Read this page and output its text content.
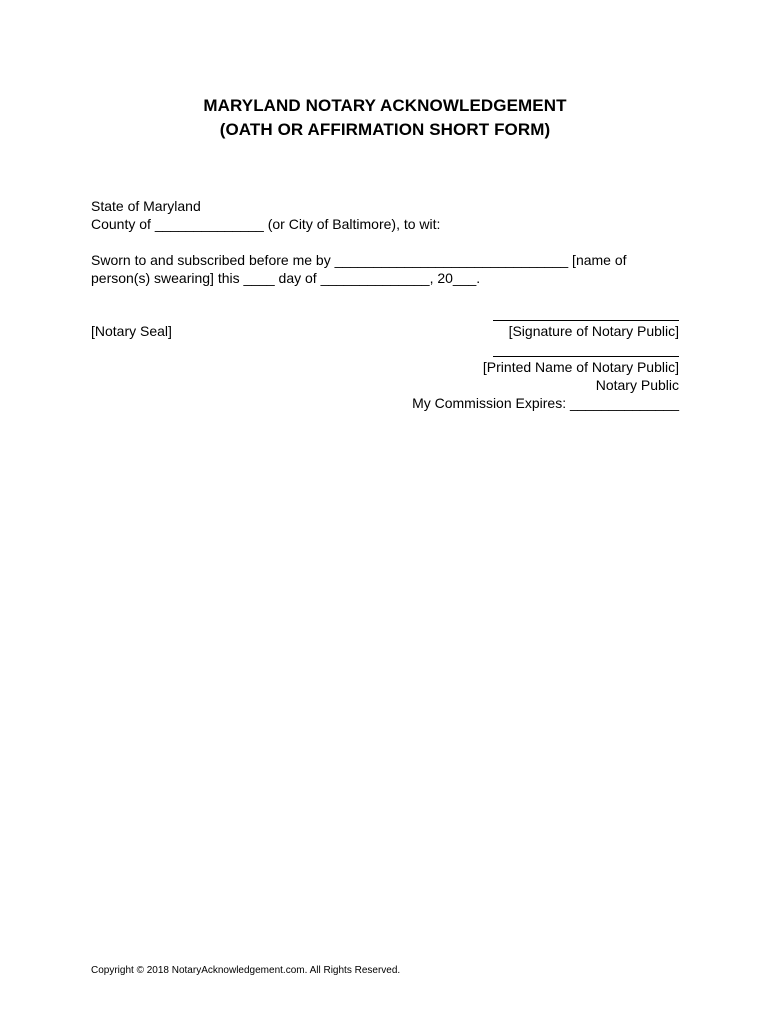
MARYLAND NOTARY ACKNOWLEDGEMENT
(OATH OR AFFIRMATION SHORT FORM)
State of Maryland
County of ______________ (or City of Baltimore), to wit:
Sworn to and subscribed before me by ______________________________ [name of
person(s) swearing] this ____ day of ______________, 20___.
[Notary Seal]	[Signature of Notary Public]
[Printed Name of Notary Public]
Notary Public
My Commission Expires: ______________
Copyright © 2018 NotaryAcknowledgement.com. All Rights Reserved.
